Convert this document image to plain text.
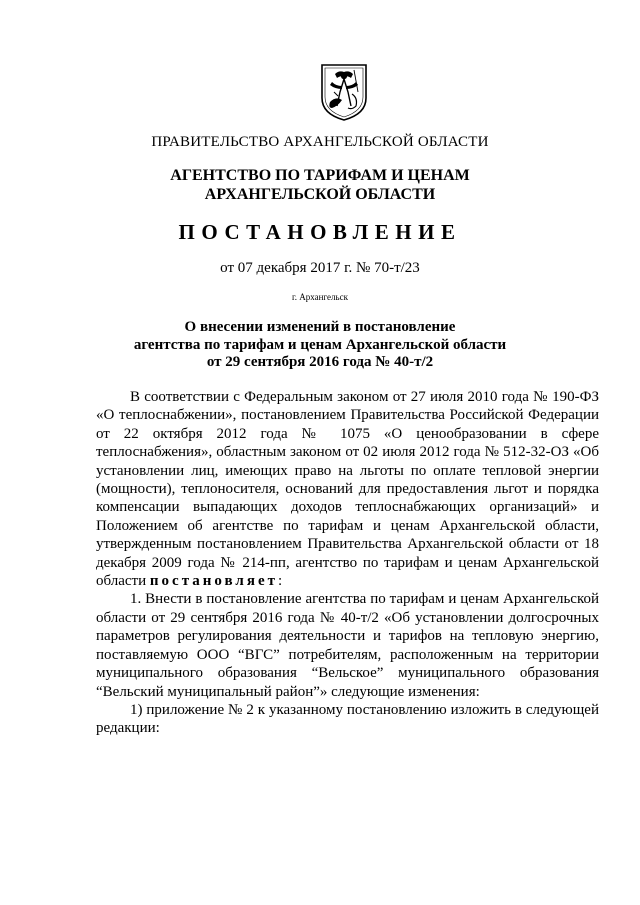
ПРАВИТЕЛЬСТВО АРХАНГЕЛЬСКОЙ ОБЛАСТИ
АГЕНТСТВО ПО ТАРИФАМ И ЦЕНАМ
АРХАНГЕЛЬСКОЙ ОБЛАСТИ
ПОСТАНОВЛЕНИЕ
от 07 декабря 2017 г. № 70-т/23
г. Архангельск
О внесении изменений в постановление
агентства по тарифам и ценам Архангельской области
от 29 сентября 2016 года № 40-т/2

В соответствии с Федеральным законом от 27 июля 2010 года № 190-ФЗ «О теплоснабжении», постановлением Правительства Российской Федерации от 22 октября 2012 года № 1075 «О ценообразовании в сфере теплоснабжения», областным законом от 02 июля 2012 года № 512-32-ОЗ «Об установлении лиц, имеющих право на льготы по оплате тепловой энергии (мощности), теплоносителя, оснований для предоставления льгот и порядка компенсации выпадающих доходов теплоснабжающих организаций» и Положением об агентстве по тарифам и ценам Архангельской области, утвержденным постановлением Правительства Архангельской области от 18 декабря 2009 года № 214-пп, агентство по тарифам и ценам Архангельской области постановляет:

1. Внести в постановление агентства по тарифам и ценам Архангельской области от 29 сентября 2016 года № 40-т/2 «Об установлении долгосрочных параметров регулирования деятельности и тарифов на тепловую энергию, поставляемую ООО “ВГС” потребителям, расположенным на территории муниципального образования “Вельское” муниципального образования “Вельский муниципальный район”» следующие изменения:

1) приложение № 2 к указанному постановлению изложить в следующей редакции:
